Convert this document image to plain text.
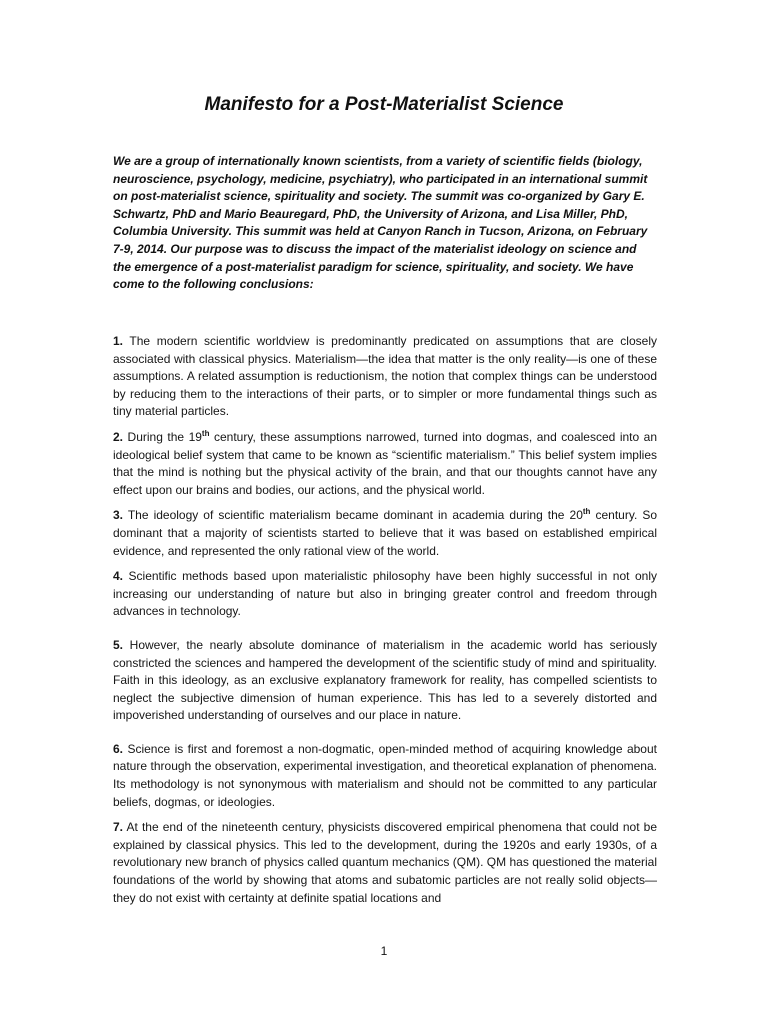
Manifesto for a Post-Materialist Science

We are a group of internationally known scientists, from a variety of scientific fields (biology, neuroscience, psychology, medicine, psychiatry), who participated in an international summit on post-materialist science, spirituality and society. The summit was co-organized by Gary E. Schwartz, PhD and Mario Beauregard, PhD, the University of Arizona, and Lisa Miller, PhD, Columbia University. This summit was held at Canyon Ranch in Tucson, Arizona, on February 7-9, 2014. Our purpose was to discuss the impact of the materialist ideology on science and the emergence of a post-materialist paradigm for science, spirituality, and society. We have come to the following conclusions:

1. The modern scientific worldview is predominantly predicated on assumptions that are closely associated with classical physics. Materialism—the idea that matter is the only reality—is one of these assumptions. A related assumption is reductionism, the notion that complex things can be understood by reducing them to the interactions of their parts, or to simpler or more fundamental things such as tiny material particles.

2. During the 19th century, these assumptions narrowed, turned into dogmas, and coalesced into an ideological belief system that came to be known as “scientific materialism.” This belief system implies that the mind is nothing but the physical activity of the brain, and that our thoughts cannot have any effect upon our brains and bodies, our actions, and the physical world.

3. The ideology of scientific materialism became dominant in academia during the 20th century. So dominant that a majority of scientists started to believe that it was based on established empirical evidence, and represented the only rational view of the world.

4. Scientific methods based upon materialistic philosophy have been highly successful in not only increasing our understanding of nature but also in bringing greater control and freedom through advances in technology.

5. However, the nearly absolute dominance of materialism in the academic world has seriously constricted the sciences and hampered the development of the scientific study of mind and spirituality. Faith in this ideology, as an exclusive explanatory framework for reality, has compelled scientists to neglect the subjective dimension of human experience. This has led to a severely distorted and impoverished understanding of ourselves and our place in nature.

6. Science is first and foremost a non-dogmatic, open-minded method of acquiring knowledge about nature through the observation, experimental investigation, and theoretical explanation of phenomena. Its methodology is not synonymous with materialism and should not be committed to any particular beliefs, dogmas, or ideologies.

7. At the end of the nineteenth century, physicists discovered empirical phenomena that could not be explained by classical physics. This led to the development, during the 1920s and early 1930s, of a revolutionary new branch of physics called quantum mechanics (QM). QM has questioned the material foundations of the world by showing that atoms and subatomic particles are not really solid objects—they do not exist with certainty at definite spatial locations and

1
